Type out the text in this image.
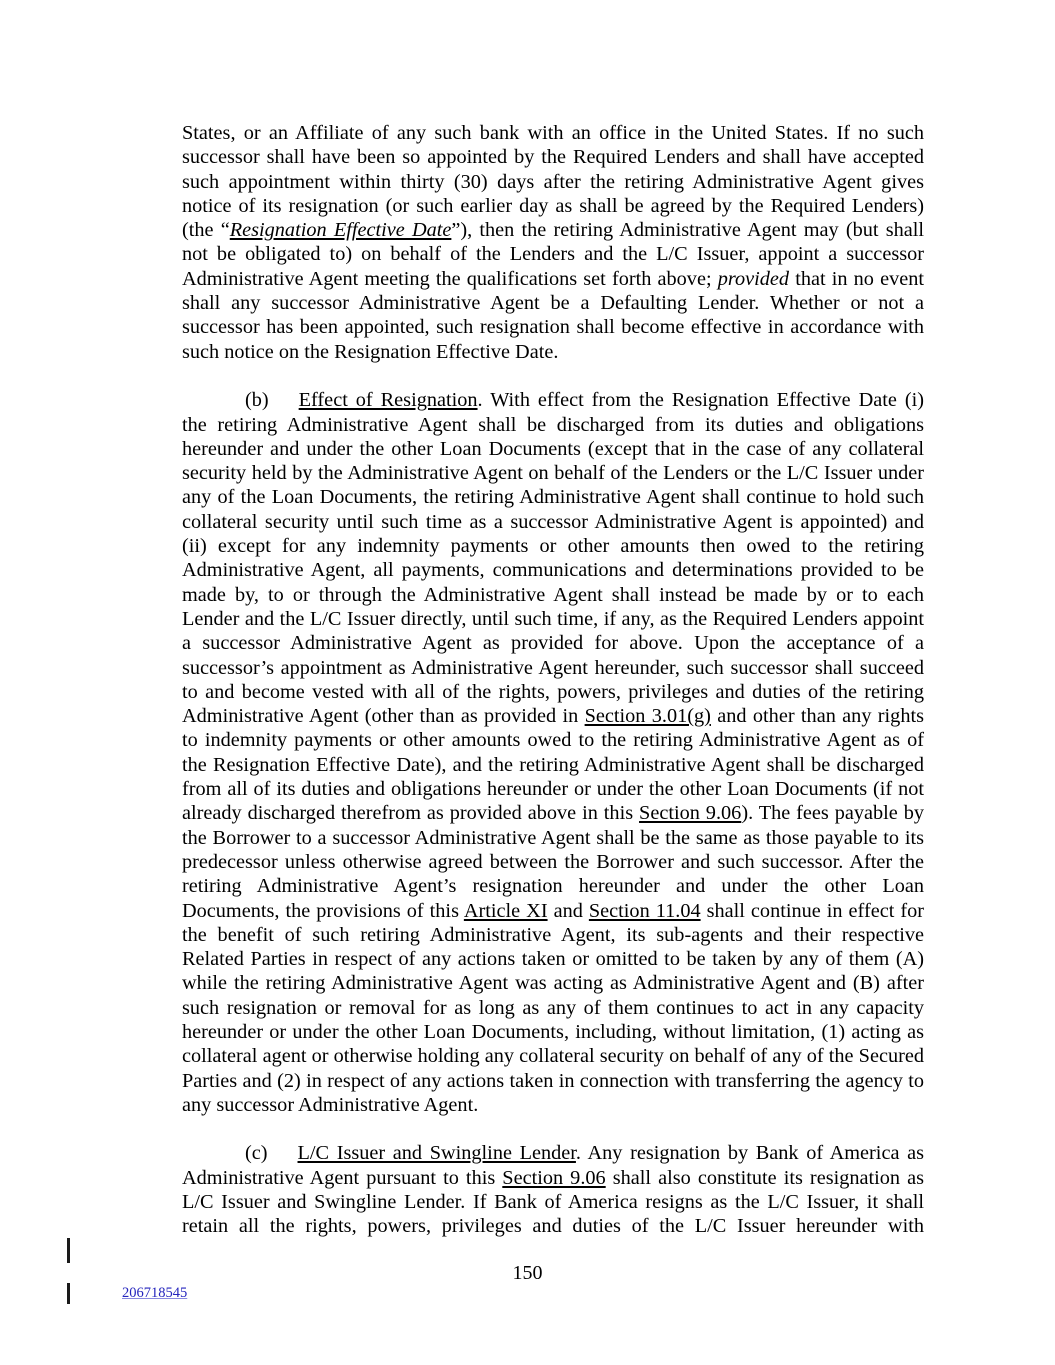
States, or an Affiliate of any such bank with an office in the United States. If no such successor shall have been so appointed by the Required Lenders and shall have accepted such appointment within thirty (30) days after the retiring Administrative Agent gives notice of its resignation (or such earlier day as shall be agreed by the Required Lenders) (the “Resignation Effective Date”), then the retiring Administrative Agent may (but shall not be obligated to) on behalf of the Lenders and the L/C Issuer, appoint a successor Administrative Agent meeting the qualifications set forth above; provided that in no event shall any successor Administrative Agent be a Defaulting Lender. Whether or not a successor has been appointed, such resignation shall become effective in accordance with such notice on the Resignation Effective Date.

(b) Effect of Resignation. With effect from the Resignation Effective Date (i) the retiring Administrative Agent shall be discharged from its duties and obligations hereunder and under the other Loan Documents (except that in the case of any collateral security held by the Administrative Agent on behalf of the Lenders or the L/C Issuer under any of the Loan Documents, the retiring Administrative Agent shall continue to hold such collateral security until such time as a successor Administrative Agent is appointed) and (ii) except for any indemnity payments or other amounts then owed to the retiring Administrative Agent, all payments, communications and determinations provided to be made by, to or through the Administrative Agent shall instead be made by or to each Lender and the L/C Issuer directly, until such time, if any, as the Required Lenders appoint a successor Administrative Agent as provided for above. Upon the acceptance of a successor’s appointment as Administrative Agent hereunder, such successor shall succeed to and become vested with all of the rights, powers, privileges and duties of the retiring Administrative Agent (other than as provided in Section 3.01(g) and other than any rights to indemnity payments or other amounts owed to the retiring Administrative Agent as of the Resignation Effective Date), and the retiring Administrative Agent shall be discharged from all of its duties and obligations hereunder or under the other Loan Documents (if not already discharged therefrom as provided above in this Section 9.06). The fees payable by the Borrower to a successor Administrative Agent shall be the same as those payable to its predecessor unless otherwise agreed between the Borrower and such successor. After the retiring Administrative Agent’s resignation hereunder and under the other Loan Documents, the provisions of this Article XI and Section 11.04 shall continue in effect for the benefit of such retiring Administrative Agent, its sub-agents and their respective Related Parties in respect of any actions taken or omitted to be taken by any of them (A) while the retiring Administrative Agent was acting as Administrative Agent and (B) after such resignation or removal for as long as any of them continues to act in any capacity hereunder or under the other Loan Documents, including, without limitation, (1) acting as collateral agent or otherwise holding any collateral security on behalf of any of the Secured Parties and (2) in respect of any actions taken in connection with transferring the agency to any successor Administrative Agent.

(c) L/C Issuer and Swingline Lender. Any resignation by Bank of America as Administrative Agent pursuant to this Section 9.06 shall also constitute its resignation as L/C Issuer and Swingline Lender. If Bank of America resigns as the L/C Issuer, it shall retain all the rights, powers, privileges and duties of the L/C Issuer hereunder with

150
206718545
